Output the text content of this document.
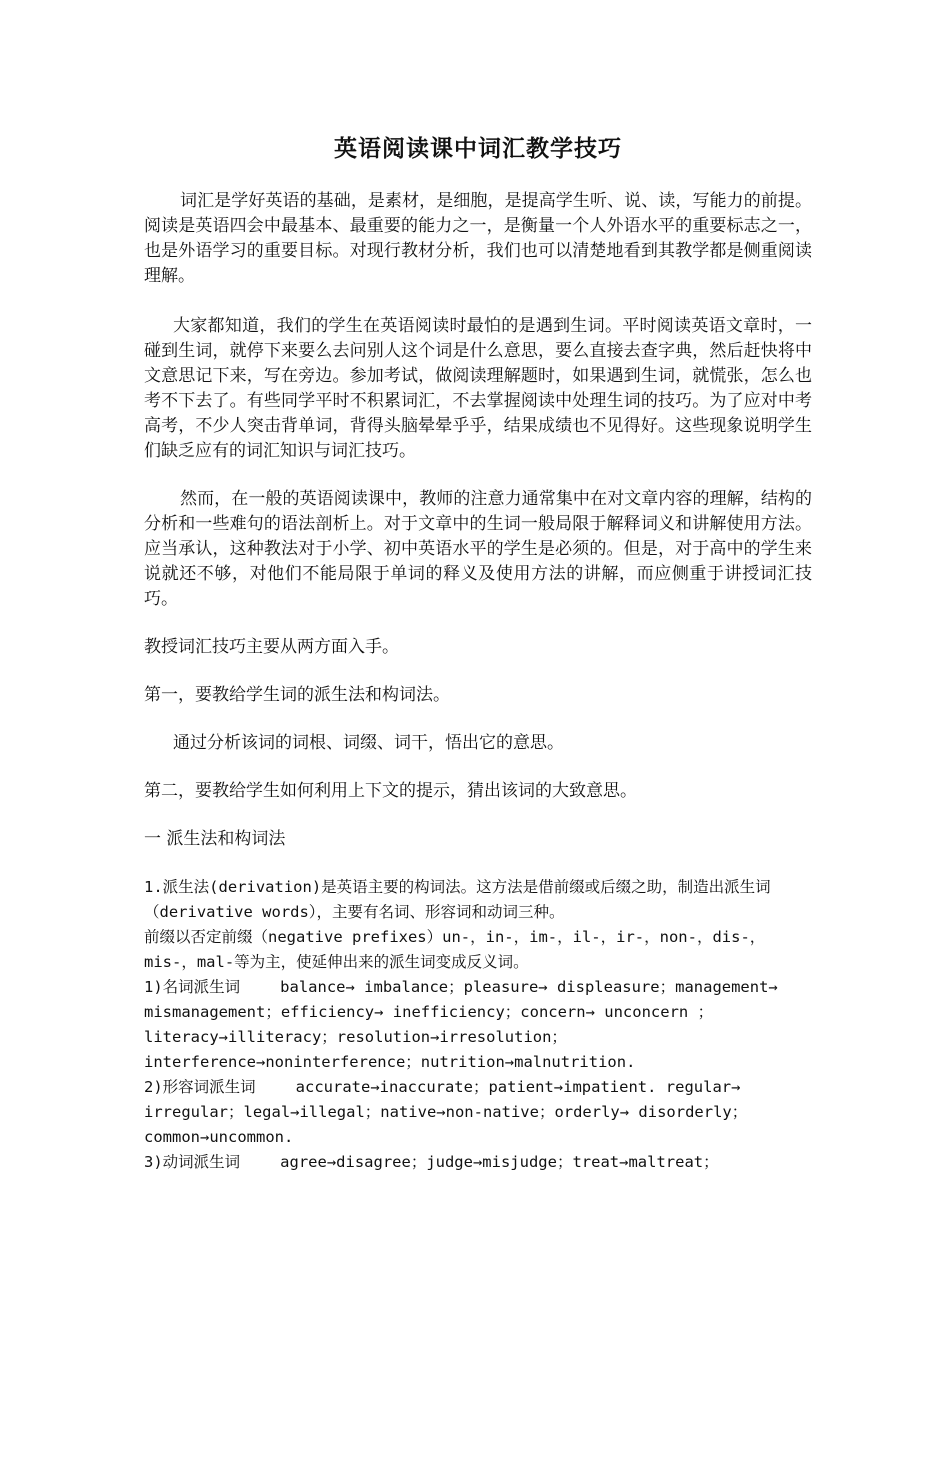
英语阅读课中词汇教学技巧

词汇是学好英语的基础，是素材，是细胞，是提高学生听、说、读，写能力的前提。阅读是英语四会中最基本、最重要的能力之一，是衡量一个人外语水平的重要标志之一，也是外语学习的重要目标。对现行教材分析，我们也可以清楚地看到其教学都是侧重阅读理解。

大家都知道，我们的学生在英语阅读时最怕的是遇到生词。平时阅读英语文章时，一碰到生词，就停下来要么去问别人这个词是什么意思，要么直接去查字典，然后赶快将中文意思记下来，写在旁边。参加考试，做阅读理解题时，如果遇到生词，就慌张，怎么也考不下去了。有些同学平时不积累词汇，不去掌握阅读中处理生词的技巧。为了应对中考高考，不少人突击背单词，背得头脑晕晕乎乎，结果成绩也不见得好。这些现象说明学生们缺乏应有的词汇知识与词汇技巧。

然而，在一般的英语阅读课中，教师的注意力通常集中在对文章内容的理解，结构的分析和一些难句的语法剖析上。对于文章中的生词一般局限于解释词义和讲解使用方法。应当承认，这种教法对于小学、初中英语水平的学生是必须的。但是，对于高中的学生来说就还不够，对他们不能局限于单词的释义及使用方法的讲解，而应侧重于讲授词汇技巧。

教授词汇技巧主要从两方面入手。

第一，要教给学生词的派生法和构词法。

通过分析该词的词根、词缀、词干，悟出它的意思。

第二，要教给学生如何利用上下文的提示，猜出该词的大致意思。

一 派生法和构词法

1.派生法(derivation)是英语主要的构词法。这方法是借前缀或后缀之助，制造出派生词（derivative words），主要有名词、形容词和动词三种。
前缀以否定前缀（negative prefixes）un-，in-，im-，il-，ir-，non-，dis-，mis-，mal-等为主，使延伸出来的派生词变成反义词。
1)名词派生词	balance→ imbalance；pleasure→ displeasure；management→ mismanagement；efficiency→ inefficiency；concern→ unconcern ；literacy→illiteracy；resolution→irresolution；interference→noninterference；nutrition→malnutrition.
2)形容词派生词	accurate→inaccurate；patient→impatient. regular→ irregular；legal→illegal；native→non-native；orderly→ disorderly；common→uncommon.
3)动词派生词	agree→disagree；judge→misjudge；treat→maltreat；
